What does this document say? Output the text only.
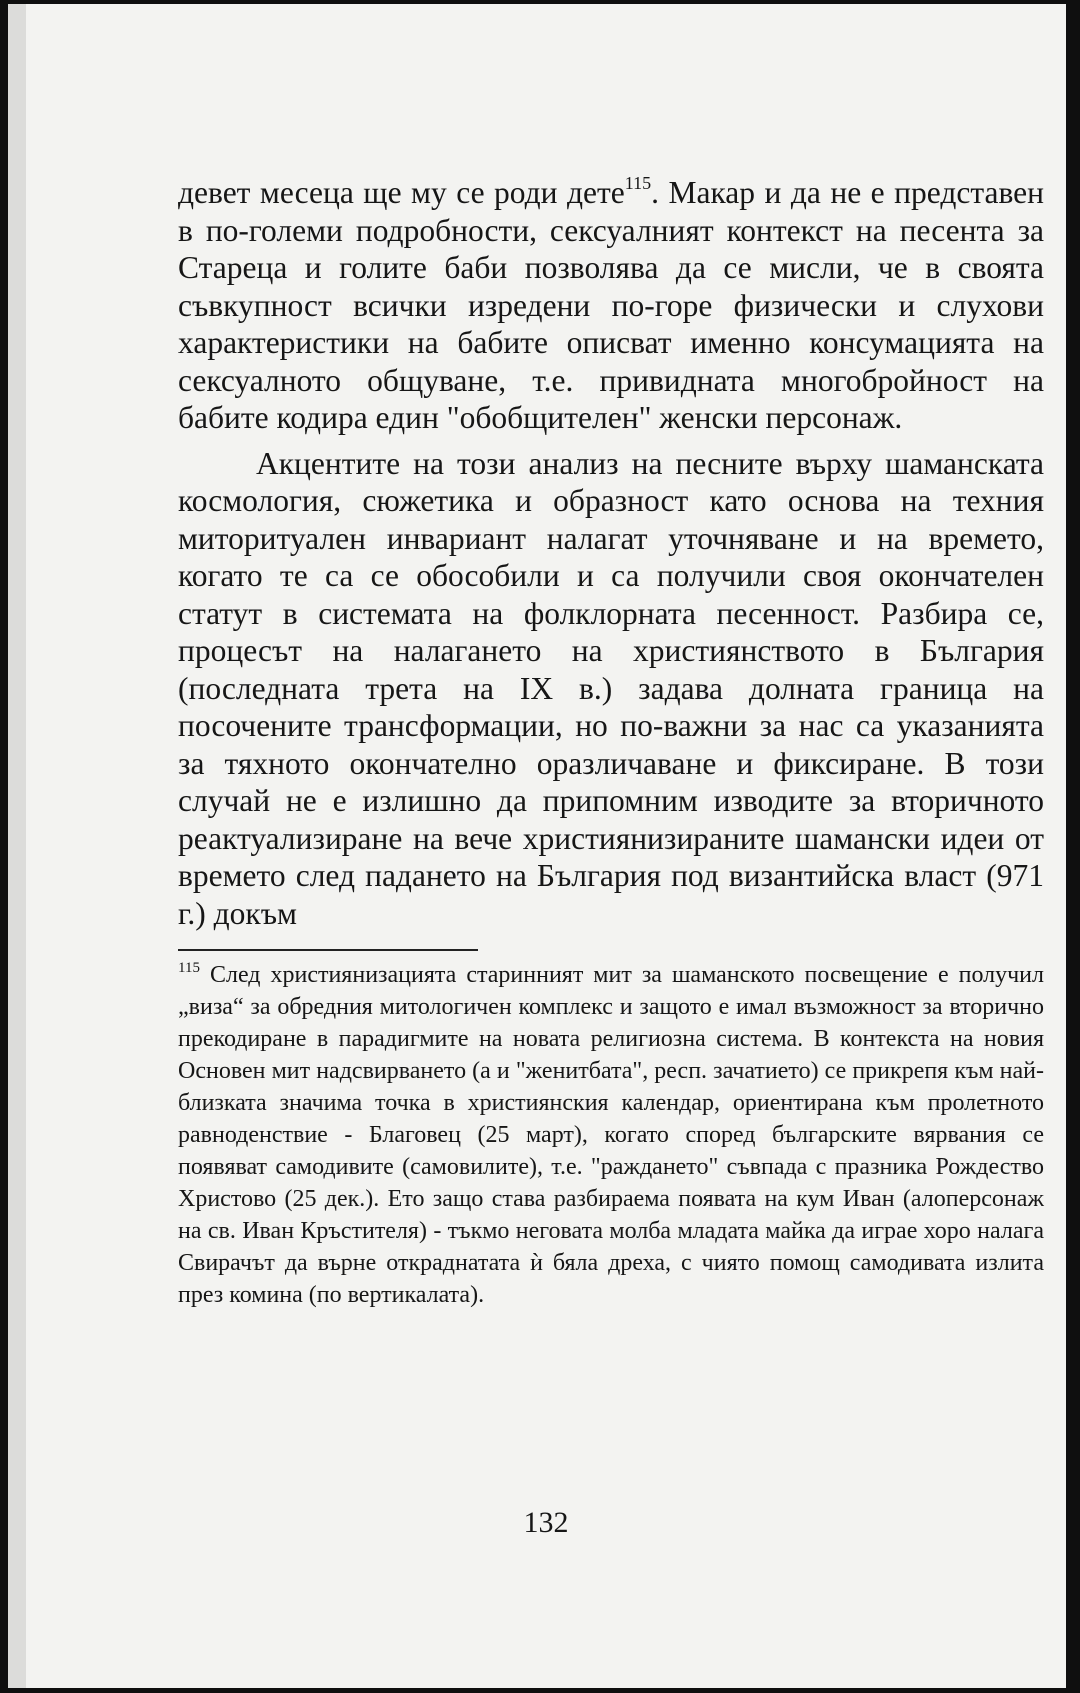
девет месеца ще му се роди дете$^{115}$. Макар и да не е представен в по-големи подробности, сексуалният контекст на песента за Стареца и голите баби позволява да се мисли, че в своята съвкупност всички изредени по-горе физически и слухови характеристики на бабите описват именно консумацията на сексуалното общуване, т.е. привидната многобройност на бабите кодира един "обобщителен" женски персонаж.

Акцентите на този анализ на песните върху шаманската космология, сюжетика и образност като основа на техния миторитуален инвариант налагат уточняване и на времето, когато те са се обособили и са получили своя окончателен статут в системата на фолклорната песенност. Разбира се, процесът на налагането на християнството в България (последната трета на IX в.) задава долната граница на посочените трансформации, но по-важни за нас са указанията за тяхното окончателно оразличаване и фиксиране. В този случай не е излишно да припомним изводите за вторичното реактуализиране на вече християнизираните шамански идеи от времето след падането на България под византийска власт (971 г.) докъм

$^{115}$ След християнизацията старинният мит за шаманското посвещение е получил „виза“ за обредния митологичен комплекс и защото е имал възможност за вторично прекодиране в парадигмите на новата религиозна система. В контекста на новия Основен мит надсвирването (а и "женитбата", респ. зачатието) се прикрепя към най-близката значима точка в християнския календар, ориентирана към пролетното равноденствие - Благовец (25 март), когато според българските вярвания се появяват самодивите (самовилите), т.е. "раждането" съвпада с празника Рождество Христово (25 дек.). Ето защо става разбираема появата на кум Иван (алоперсонаж на св. Иван Кръстителя) - тъкмо неговата молба младата майка да играе хоро налага Свирачът да върне откраднатата ѝ бяла дреха, с чиято помощ самодивата излита през комина (по вертикалата).

132
